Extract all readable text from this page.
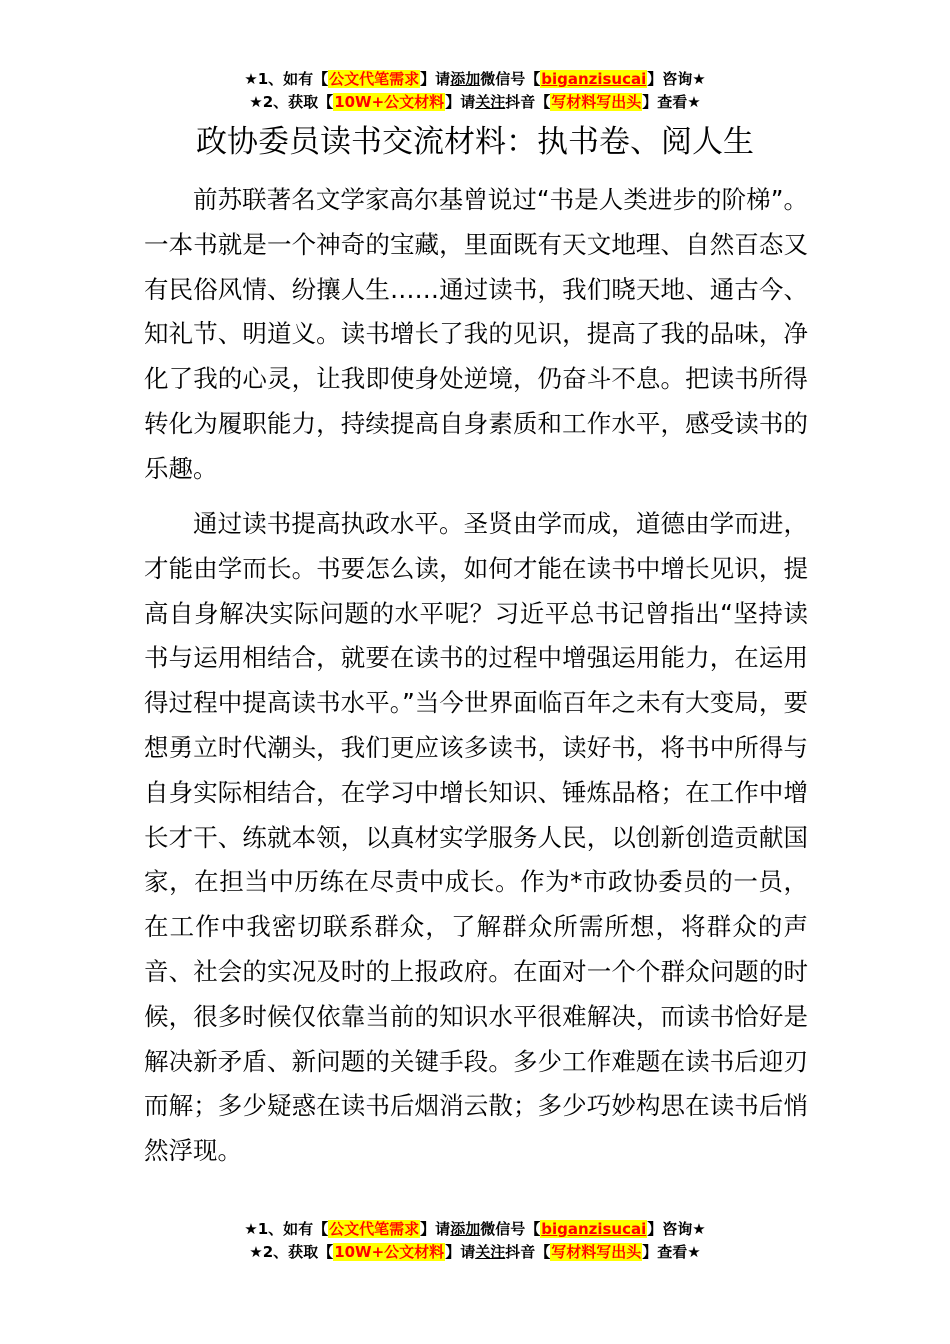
★1、如有【公文代笔需求】请添加微信号【biganzisucai】咨询★
★2、获取【10W+公文材料】请关注抖音【写材料写出头】查看★
政协委员读书交流材料：执书卷、阅人生

前苏联著名文学家高尔基曾说过“书是人类进步的阶梯”。一本书就是一个神奇的宝藏，里面既有天文地理、自然百态又有民俗风情、纷攘人生……通过读书，我们晓天地、通古今、知礼节、明道义。读书增长了我的见识，提高了我的品味，净化了我的心灵，让我即使身处逆境，仍奋斗不息。把读书所得转化为履职能力，持续提高自身素质和工作水平，感受读书的乐趣。

通过读书提高执政水平。圣贤由学而成，道德由学而进，才能由学而长。书要怎么读，如何才能在读书中增长见识，提高自身解决实际问题的水平呢？习近平总书记曾指出“坚持读书与运用相结合，就要在读书的过程中增强运用能力，在运用得过程中提高读书水平。”当今世界面临百年之未有大变局，要想勇立时代潮头，我们更应该多读书，读好书，将书中所得与自身实际相结合，在学习中增长知识、锤炼品格；在工作中增长才干、练就本领，以真材实学服务人民，以创新创造贡献国家，在担当中历练在尽责中成长。作为*市政协委员的一员，在工作中我密切联系群众，了解群众所需所想，将群众的声音、社会的实况及时的上报政府。在面对一个个群众问题的时候，很多时候仅依靠当前的知识水平很难解决，而读书恰好是解决新矛盾、新问题的关键手段。多少工作难题在读书后迎刃而解；多少疑惑在读书后烟消云散；多少巧妙构思在读书后悄然浮现。

★1、如有【公文代笔需求】请添加微信号【biganzisucai】咨询★
★2、获取【10W+公文材料】请关注抖音【写材料写出头】查看★
